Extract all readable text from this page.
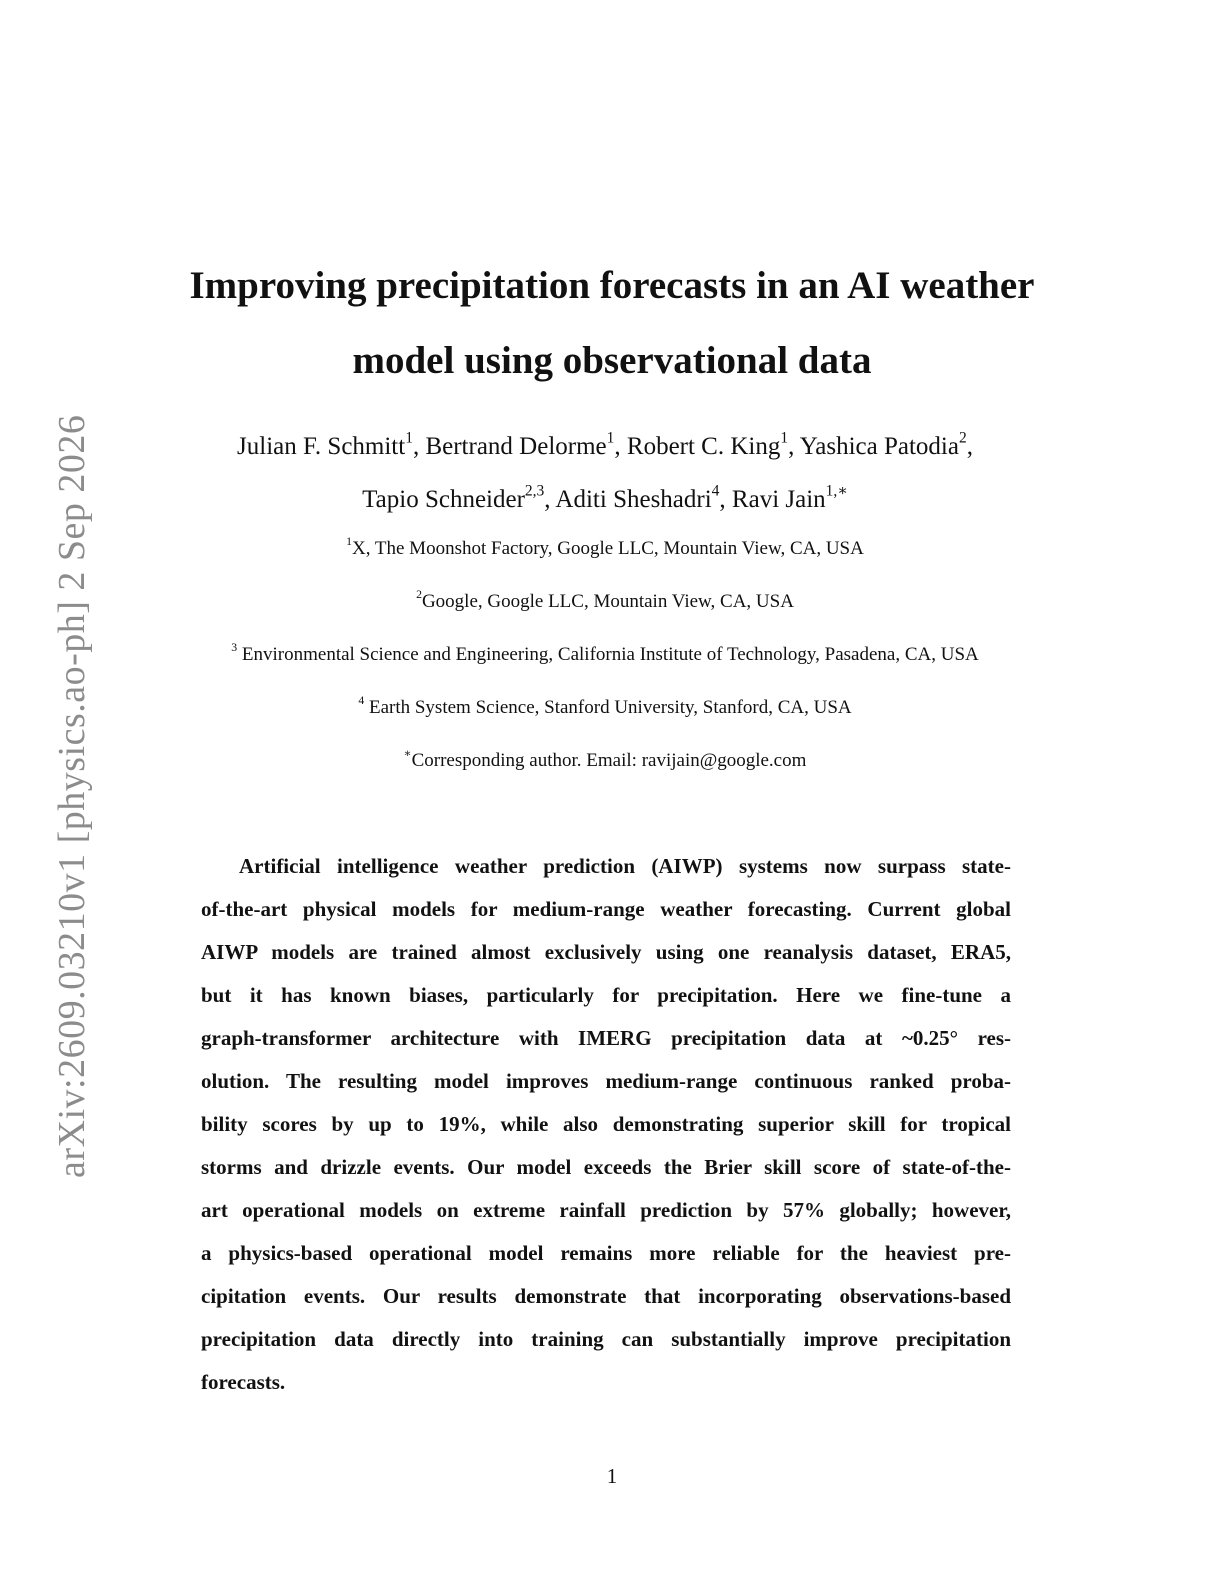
arXiv:2609.03210v1 [physics.ao-ph] 2 Sep 2026
Improving precipitation forecasts in an AI weather
model using observational data
Julian F. Schmitt$^1$, Bertrand Delorme$^1$, Robert C. King$^1$, Yashica Patodia$^2$,
Tapio Schneider$^{2,3}$, Aditi Sheshadri$^4$, Ravi Jain$^{1,∗}$
$^1$X, The Moonshot Factory, Google LLC, Mountain View, CA, USA
$^2$Google, Google LLC, Mountain View, CA, USA
$^3$ Environmental Science and Engineering, California Institute of Technology, Pasadena, CA, USA
$^4$ Earth System Science, Stanford University, Stanford, CA, USA
∗Corresponding author. Email: ravijain@google.com
Artificial intelligence weather prediction (AIWP) systems now surpass state-
of-the-art physical models for medium-range weather forecasting. Current global
AIWP models are trained almost exclusively using one reanalysis dataset, ERA5,
but it has known biases, particularly for precipitation. Here we fine-tune a
graph-transformer architecture with IMERG precipitation data at ~0.25° res-
olution. The resulting model improves medium-range continuous ranked proba-
bility scores by up to 19%, while also demonstrating superior skill for tropical
storms and drizzle events. Our model exceeds the Brier skill score of state-of-the-
art operational models on extreme rainfall prediction by 57% globally; however,
a physics-based operational model remains more reliable for the heaviest pre-
cipitation events. Our results demonstrate that incorporating observations-based
precipitation data directly into training can substantially improve precipitation
forecasts.
1
